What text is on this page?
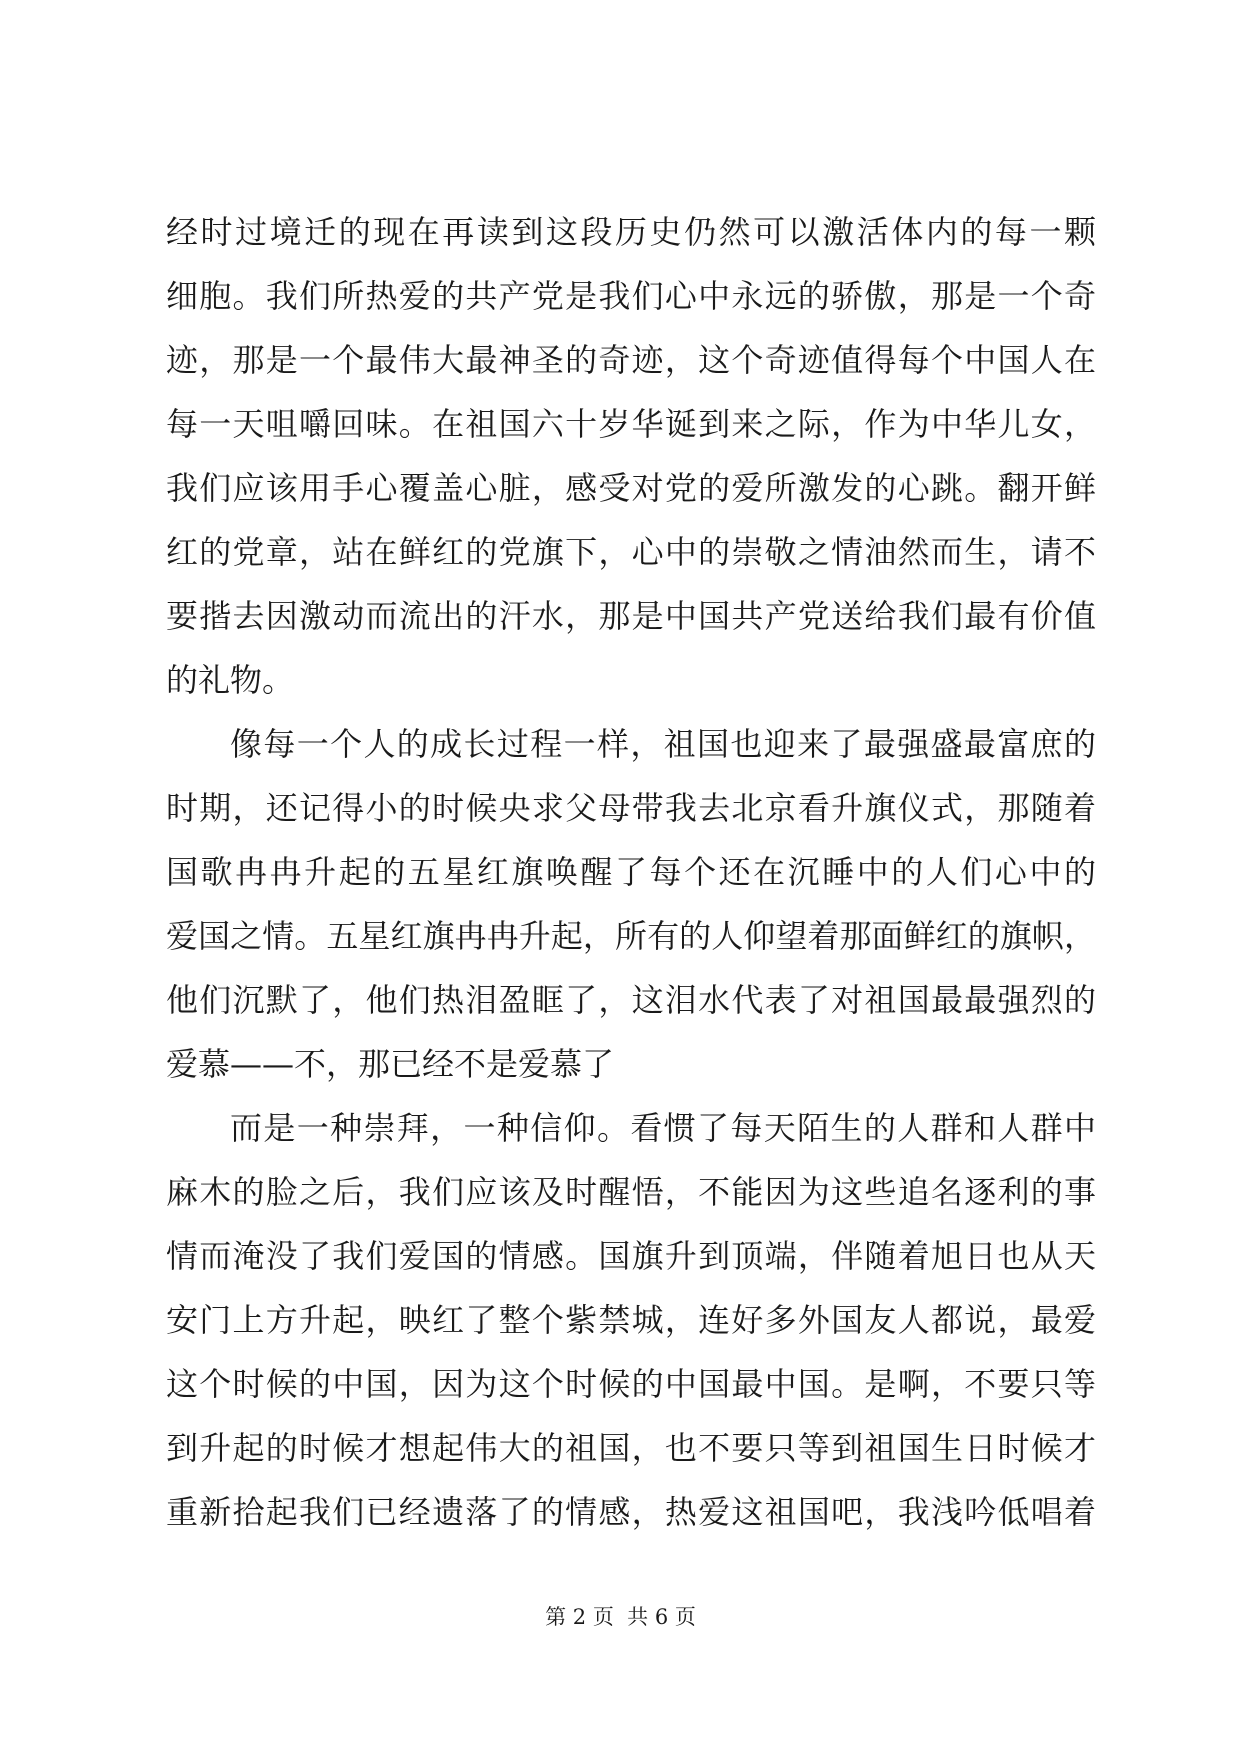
经时过境迁的现在再读到这段历史仍然可以激活体内的每一颗
细胞。我们所热爱的共产党是我们心中永远的骄傲，那是一个奇
迹，那是一个最伟大最神圣的奇迹，这个奇迹值得每个中国人在
每一天咀嚼回味。在祖国六十岁华诞到来之际，作为中华儿女，
我们应该用手心覆盖心脏，感受对党的爱所激发的心跳。翻开鲜
红的党章，站在鲜红的党旗下，心中的崇敬之情油然而生，请不
要揩去因激动而流出的汗水，那是中国共产党送给我们最有价值
的礼物。
像每一个人的成长过程一样，祖国也迎来了最强盛最富庶的
时期，还记得小的时候央求父母带我去北京看升旗仪式，那随着
国歌冉冉升起的五星红旗唤醒了每个还在沉睡中的人们心中的
爱国之情。五星红旗冉冉升起，所有的人仰望着那面鲜红的旗帜，
他们沉默了，他们热泪盈眶了，这泪水代表了对祖国最最强烈的
爱慕——不，那已经不是爱慕了
而是一种崇拜，一种信仰。看惯了每天陌生的人群和人群中
麻木的脸之后，我们应该及时醒悟，不能因为这些追名逐利的事
情而淹没了我们爱国的情感。国旗升到顶端，伴随着旭日也从天
安门上方升起，映红了整个紫禁城，连好多外国友人都说，最爱
这个时候的中国，因为这个时候的中国最中国。是啊，不要只等
到升起的时候才想起伟大的祖国，也不要只等到祖国生日时候才
重新拾起我们已经遗落了的情感，热爱这祖国吧，我浅吟低唱着
第 2 页  共 6 页
